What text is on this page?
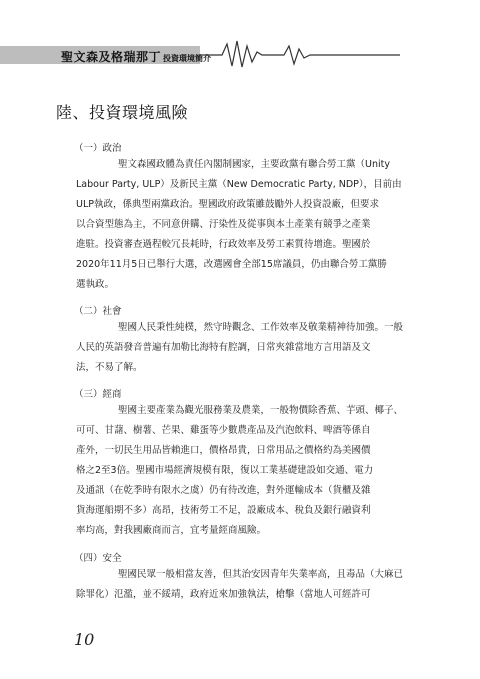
聖文森及格瑞那丁 投資環境簡介
陸、投資環境風險
（一）政治

聖文森國政體為責任內閣制國家，主要政黨有聯合勞工黨（Unity
Labour Party, ULP）及新民主黨（New Democratic Party, NDP），目前由
ULP執政，係典型兩黨政治。聖國政府政策雖鼓勵外人投資設廠，但要求
以合資型態為主，不同意併購、汙染性及從事與本土產業有競爭之產業
進駐。投資審查過程較冗長耗時，行政效率及勞工素質待增進。聖國於
2020年11月5日已舉行大選，改選國會全部15席議員，仍由聯合勞工黨勝
選執政。

（二）社會

聖國人民秉性純樸，然守時觀念、工作效率及敬業精神待加強。一般
人民的英語發音普遍有加勒比海特有腔調，日常夾雜當地方言用語及文
法，不易了解。

（三）經商

聖國主要產業為觀光服務業及農業，一般物價除香蕉、芋頭、椰子、
可可、甘藷、樹薯、芒果、雞蛋等少數農產品及汽泡飲料、啤酒等係自
產外，一切民生用品皆賴進口，價格昂貴，日常用品之價格約為美國價
格之2至3倍。聖國市場經濟規模有限，復以工業基礎建設如交通、電力
及通訊（在乾季時有限水之虞）仍有待改進，對外運輸成本（貨櫃及雜
貨海運船期不多）高昂，技術勞工不足，設廠成本、稅負及銀行融資利
率均高，對我國廠商而言，宜考量經商風險。

（四）安全

聖國民眾一般相當友善，但其治安因青年失業率高，且毒品（大麻已
除罪化）氾濫，並不綏靖，政府近來加強執法，槍擊（當地人可經許可

10
